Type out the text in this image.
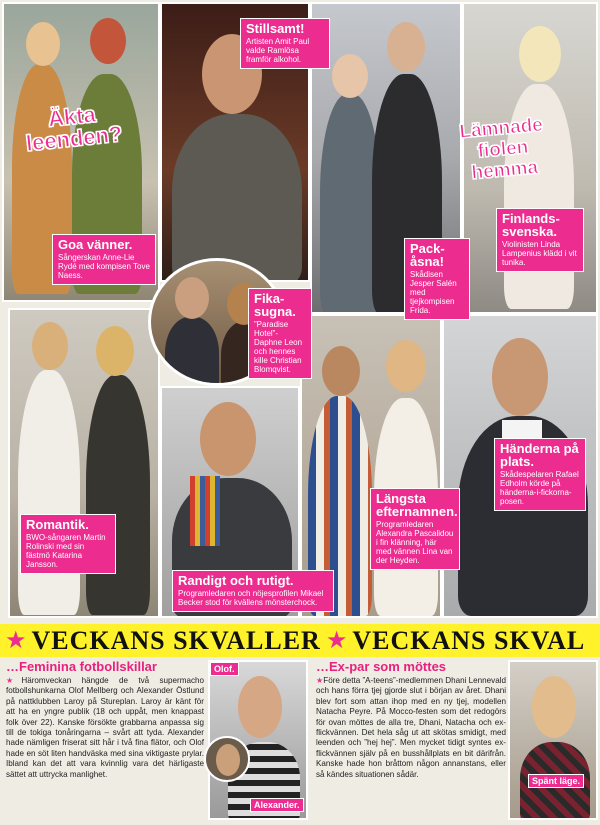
Äkta leenden?	Lämnade fiolen hemma
Goa vänner.
Sångerskan Anne-Lie Rydé med kompisen Tove Naess.
Stillsamt!
Artisten Amit Paul valde Ramlösa framför alkohol.
Pack-åsna!
Skådisen Jesper Salén med tjejkompisen Frida.
Finlands-svenska.
Violinisten Linda Lampenius klädd i vit tunika.
Fika-sugna.
”Paradise Hotel”-Daphne Leon och hennes kille Christian Blomqvist.
Romantik.
BWO-sångaren Martin Rolinski med sin fästmö Katarina Jansson.
Randigt och rutigt.
Programledaren och nöjesprofilen Mikael Becker stod för kvällens mönsterchock.
Längsta efternamnen.
Programledaren Alexandra Pascalidou i fin klänning, här med vännen Lina van der Heyden.
Händerna på plats.
Skådespelaren Rafael Edholm körde på händerna-i-fickorna-posen.
★ VECKANS SKVALLER ★ VECKANS SKVAL
…Feminina fotbollskillar
★Häromveckan hängde de två supermacho fotbollshunkarna Olof Mellberg och Alexander Östlund på nattklubben Laroy på Stureplan. Laroy är känt för att ha en yngre publik (18 och uppåt, men knappast folk över 22). Kanske försökte grabbarna anpassa sig till de tokiga tonåringarna – svårt att tyda. Alexander hade nämligen friserat sitt hår i två fina flätor, och Olof hade en söt liten handväska med sina viktigaste prylar. Ibland kan det att vara kvinnlig vara det härligaste sättet att uttrycka manlighet.
Olof.
Alexander.
…Ex-par som möttes
★Före detta ”A-teens”-medlemmen Dhani Lennevald och hans förra tjej gjorde slut i början av året. Dhani blev fort som attan ihop med en ny tjej, modellen Natacha Peyre. På Mocco-festen som det redogörs för ovan möttes de alla tre, Dhani, Natacha och ex-flickvännen. Det hela såg ut att skötas smidigt, med leenden och ”hej hej”. Men mycket tidigt syntes ex-flickvännen själv på en busshållplats en bit därifrån. Kanske hade hon bråttom någon annanstans, eller så kändes situationen sådär.
Spänt läge.
